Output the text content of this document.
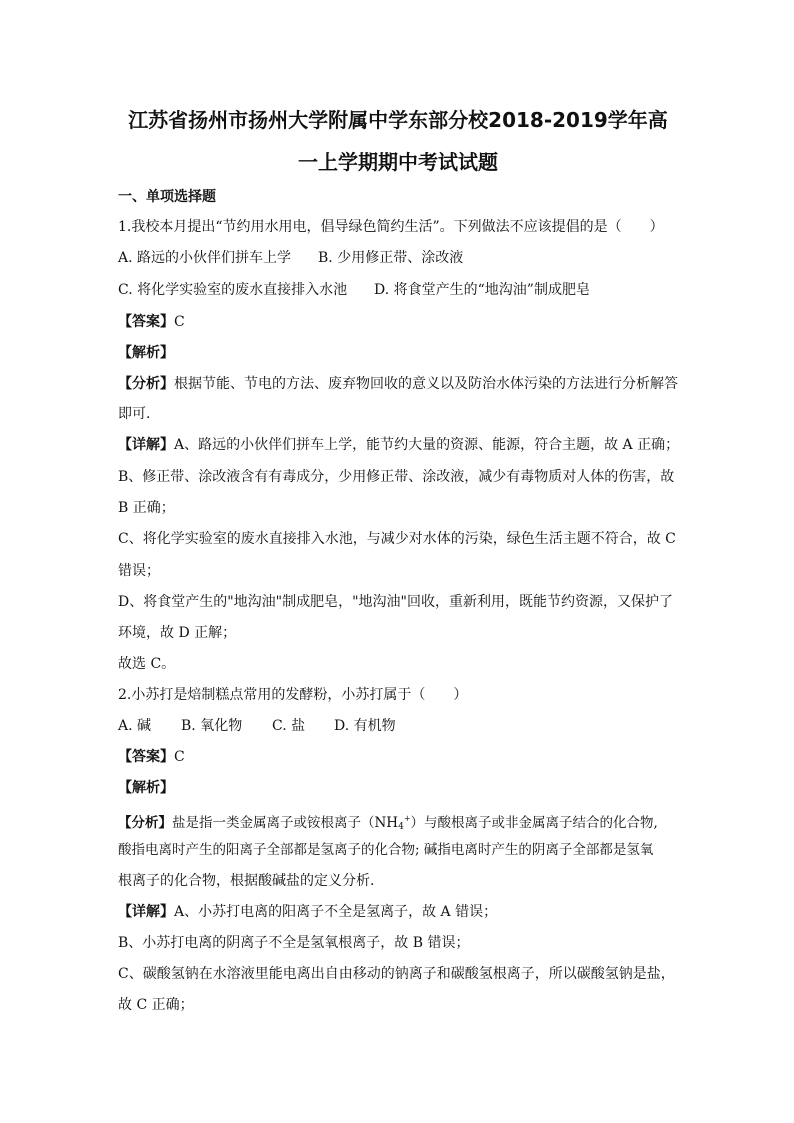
江苏省扬州市扬州大学附属中学东部分校2018-2019学年高
一上学期期中考试试题
一、单项选择题
1.我校本月提出“节约用水用电，倡导绿色简约生活”。下列做法不应该提倡的是（　　）
A. 路远的小伙伴们拼车上学 B. 少用修正带、涂改液
C. 将化学实验室的废水直接排入水池 D. 将食堂产生的“地沟油”制成肥皂
【答案】C
【解析】
【分析】根据节能、节电的方法、废弃物回收的意义以及防治水体污染的方法进行分析解答
即可.
【详解】A、路远的小伙伴们拼车上学，能节约大量的资源、能源，符合主题，故 A 正确；
B、修正带、涂改液含有有毒成分，少用修正带、涂改液，减少有毒物质对人体的伤害，故
B 正确；
C、将化学实验室的废水直接排入水池，与减少对水体的污染，绿色生活主题不符合，故 C
错误；
D、将食堂产生的"地沟油"制成肥皂，"地沟油"回收，重新利用，既能节约资源，又保护了
环境，故 D 正解；
故选 C。
2.小苏打是焙制糕点常用的发酵粉，小苏打属于（　　）
A. 碱 B. 氧化物 C. 盐 D. 有机物
【答案】C
【解析】
【分析】盐是指一类金属离子或铵根离子$(NH_4^+)$与酸根离子或非金属离子结合的化合物,
酸指电离时产生的阳离子全部都是氢离子的化合物; 碱指电离时产生的阴离子全部都是氢氧
根离子的化合物，根据酸碱盐的定义分析.
【详解】A、小苏打电离的阳离子不全是氢离子，故 A 错误；
B、小苏打电离的阴离子不全是氢氧根离子，故 B 错误；
C、碳酸氢钠在水溶液里能电离出自由移动的钠离子和碳酸氢根离子，所以碳酸氢钠是盐，
故 C 正确；
